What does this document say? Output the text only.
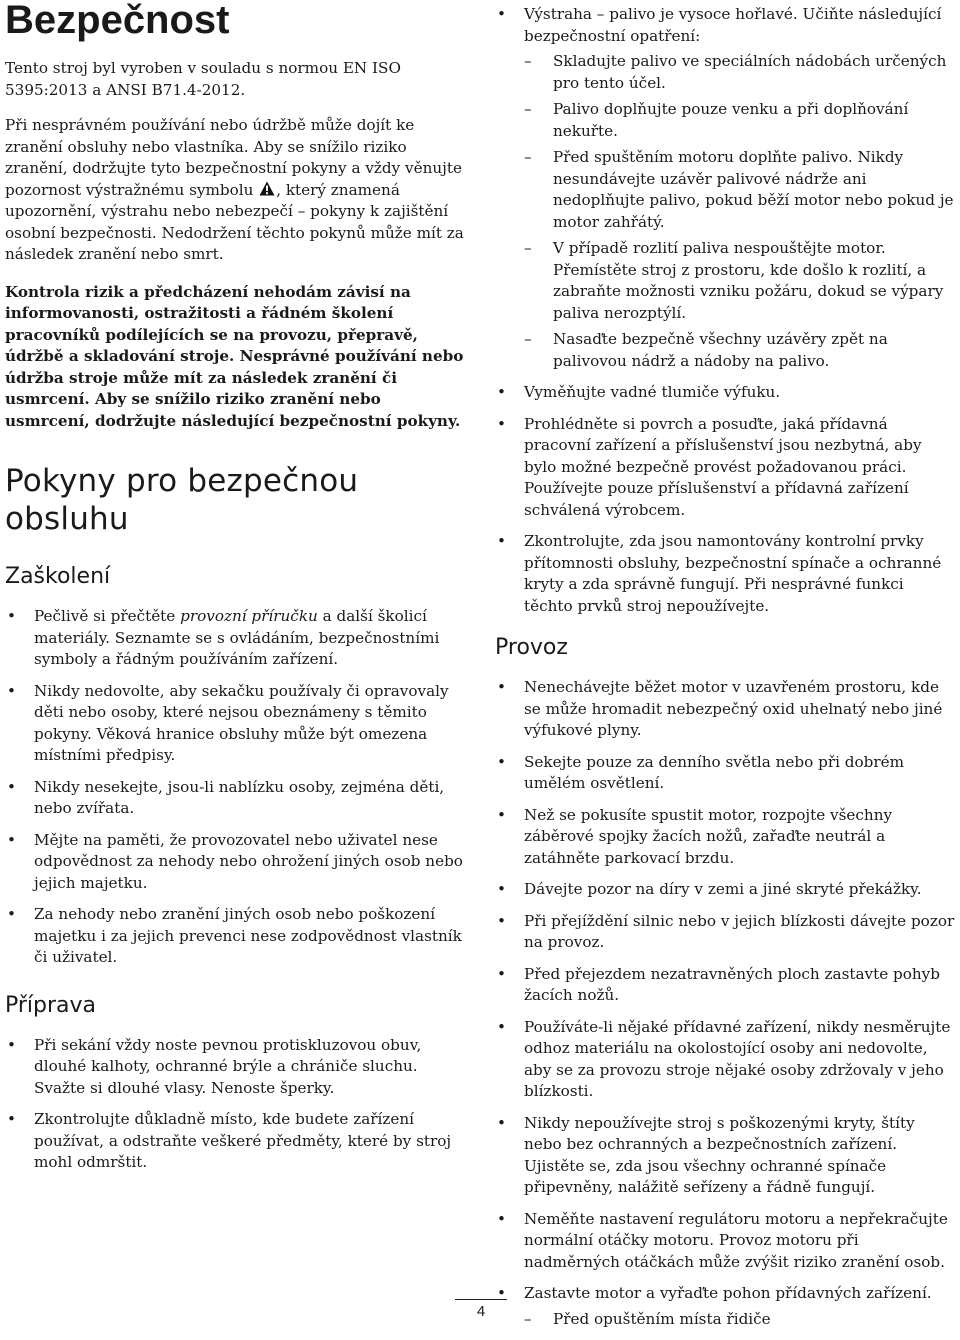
Bezpečnost

Tento stroj byl vyroben v souladu s normou EN ISO 5395:2013 a ANSI B71.4-2012.

Při nesprávném používání nebo údržbě může dojít ke zranění obsluhy nebo vlastníka. Aby se snížilo riziko zranění, dodržujte tyto bezpečnostní pokyny a vždy věnujte pozornost výstražnému symbolu , který znamená upozornění, výstrahu nebo nebezpečí – pokyny k zajištění osobní bezpečnosti. Nedodržení těchto pokynů může mít za následek zranění nebo smrt.

Kontrola rizik a předcházení nehodám závisí na informovanosti, ostražitosti a řádném školení pracovníků podílejících se na provozu, přepravě, údržbě a skladování stroje. Nesprávné používání nebo údržba stroje může mít za následek zranění či usmrcení. Aby se snížilo riziko zranění nebo usmrcení, dodržujte následující bezpečnostní pokyny.

Pokyny pro bezpečnou obsluhu
Zaškolení
• Pečlivě si přečtěte provozní příručku a další školicí materiály. Seznamte se s ovládáním, bezpečnostními symboly a řádným používáním zařízení.
• Nikdy nedovolte, aby sekačku používaly či opravovaly děti nebo osoby, které nejsou obeznámeny s těmito pokyny. Věková hranice obsluhy může být omezena místními předpisy.
• Nikdy nesekejte, jsou-li nablízku osoby, zejména děti, nebo zvířata.
• Mějte na paměti, že provozovatel nebo uživatel nese odpovědnost za nehody nebo ohrožení jiných osob nebo jejich majetku.
• Za nehody nebo zranění jiných osob nebo poškození majetku i za jejich prevenci nese zodpovědnost vlastník či uživatel.
Příprava
• Při sekání vždy noste pevnou protiskluzovou obuv, dlouhé kalhoty, ochranné brýle a chrániče sluchu. Svažte si dlouhé vlasy. Nenoste šperky.
• Zkontrolujte důkladně místo, kde budete zařízení používat, a odstraňte veškeré předměty, které by stroj mohl odmrštit.
• Výstraha – palivo je vysoce hořlavé. Učiňte následující bezpečnostní opatření:
– Skladujte palivo ve speciálních nádobách určených pro tento účel.
– Palivo doplňujte pouze venku a při doplňování nekuřte.
– Před spuštěním motoru doplňte palivo. Nikdy nesundávejte uzávěr palivové nádrže ani nedoplňujte palivo, pokud běží motor nebo pokud je motor zahřátý.
– V případě rozlití paliva nespouštějte motor. Přemístěte stroj z prostoru, kde došlo k rozlití, a zabraňte možnosti vzniku požáru, dokud se výpary paliva nerozptýlí.
– Nasaďte bezpečně všechny uzávěry zpět na palivovou nádrž a nádoby na palivo.
• Vyměňujte vadné tlumiče výfuku.
• Prohlédněte si povrch a posuďte, jaká přídavná pracovní zařízení a příslušenství jsou nezbytná, aby bylo možné bezpečně provést požadovanou práci. Používejte pouze příslušenství a přídavná zařízení schválená výrobcem.
• Zkontrolujte, zda jsou namontovány kontrolní prvky přítomnosti obsluhy, bezpečnostní spínače a ochranné kryty a zda správně fungují. Při nesprávné funkci těchto prvků stroj nepoužívejte.
Provoz
• Nenechávejte běžet motor v uzavřeném prostoru, kde se může hromadit nebezpečný oxid uhelnatý nebo jiné výfukové plyny.
• Sekejte pouze za denního světla nebo při dobrém umělém osvětlení.
• Než se pokusíte spustit motor, rozpojte všechny záběrové spojky žacích nožů, zařaďte neutrál a zatáhněte parkovací brzdu.
• Dávejte pozor na díry v zemi a jiné skryté překážky.
• Při přejíždění silnic nebo v jejich blízkosti dávejte pozor na provoz.
• Před přejezdem nezatravněných ploch zastavte pohyb žacích nožů.
• Používáte-li nějaké přídavné zařízení, nikdy nesměrujte odhoz materiálu na okolostojící osoby ani nedovolte, aby se za provozu stroje nějaké osoby zdržovaly v jeho blízkosti.
• Nikdy nepoužívejte stroj s poškozenými kryty, štíty nebo bez ochranných a bezpečnostních zařízení. Ujistěte se, zda jsou všechny ochranné spínače připevněny, nalážitě seřízeny a řádně fungují.
• Neměňte nastavení regulátoru motoru a nepřekračujte normální otáčky motoru. Provoz motoru při nadměrných otáčkách může zvýšit riziko zranění osob.
• Zastavte motor a vyřaďte pohon přídavných zařízení.
– Před opuštěním místa řidiče
4
